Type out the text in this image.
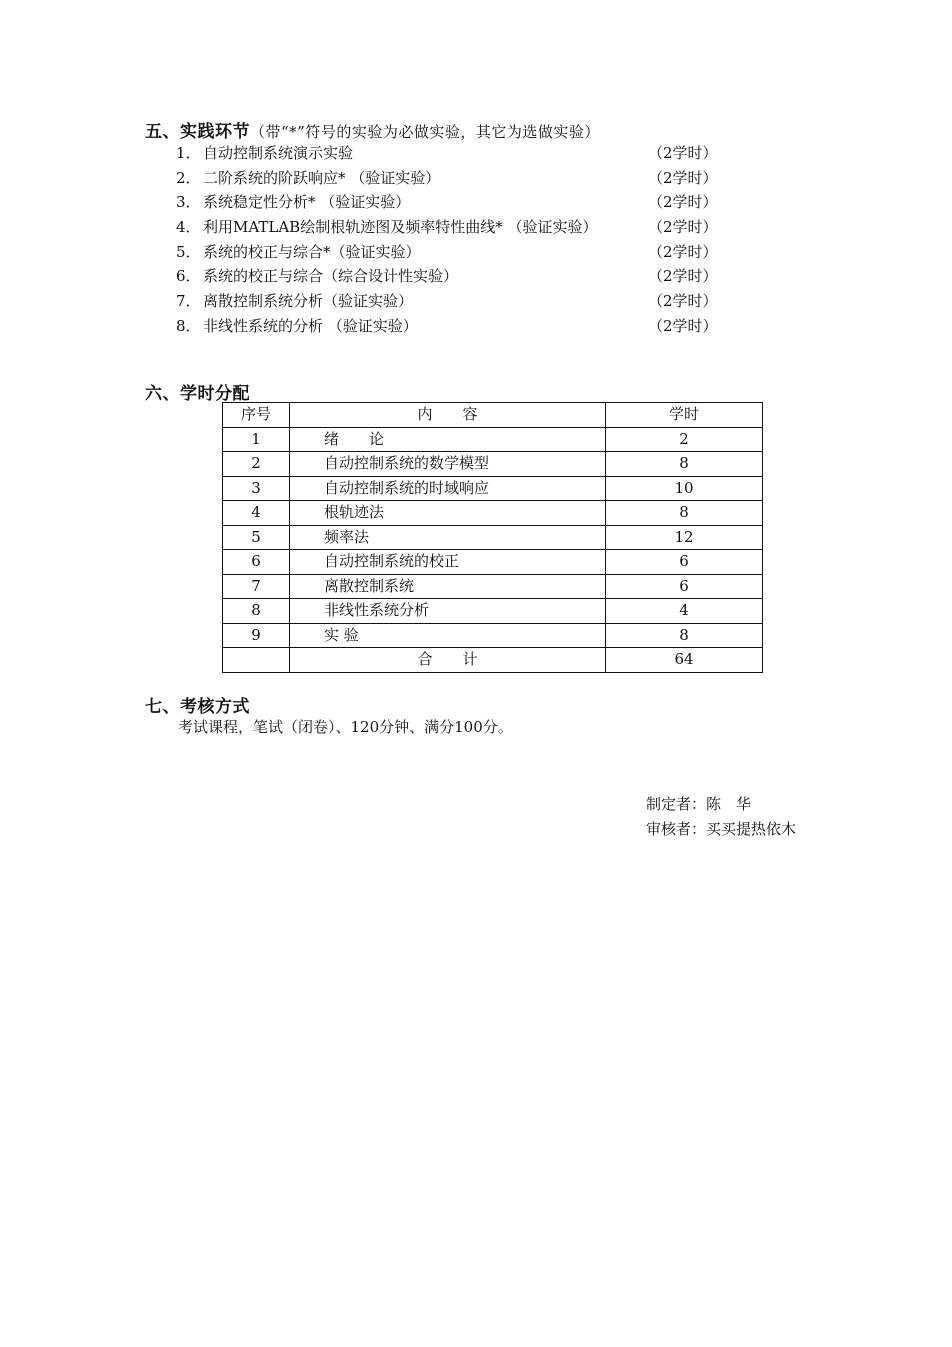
五、实践环节（带“*”符号的实验为必做实验，其它为选做实验）
1． 自动控制系统演示实验	（2学时）
2． 二阶系统的阶跃响应* （验证实验）	（2学时）
3． 系统稳定性分析* （验证实验）	（2学时）
4． 利用MATLAB绘制根轨迹图及频率特性曲线* （验证实验）	（2学时）
5． 系统的校正与综合*（验证实验）	（2学时）
6． 系统的校正与综合（综合设计性实验）	（2学时）
7． 离散控制系统分析（验证实验）	（2学时）
8． 非线性系统的分析 （验证实验）	（2学时）
六、学时分配
序号	内　　容	学时
1	绪　　论	2
2	自动控制系统的数学模型	8
3	自动控制系统的时域响应	10
4	根轨迹法	8
5	频率法	12
6	自动控制系统的校正	6
7	离散控制系统	6
8	非线性系统分析	4
9	实 验	8
	合　　计	64
七、考核方式
考试课程，笔试（闭卷）、120分钟、满分100分。
制定者：陈　华
审核者：买买提热依木
